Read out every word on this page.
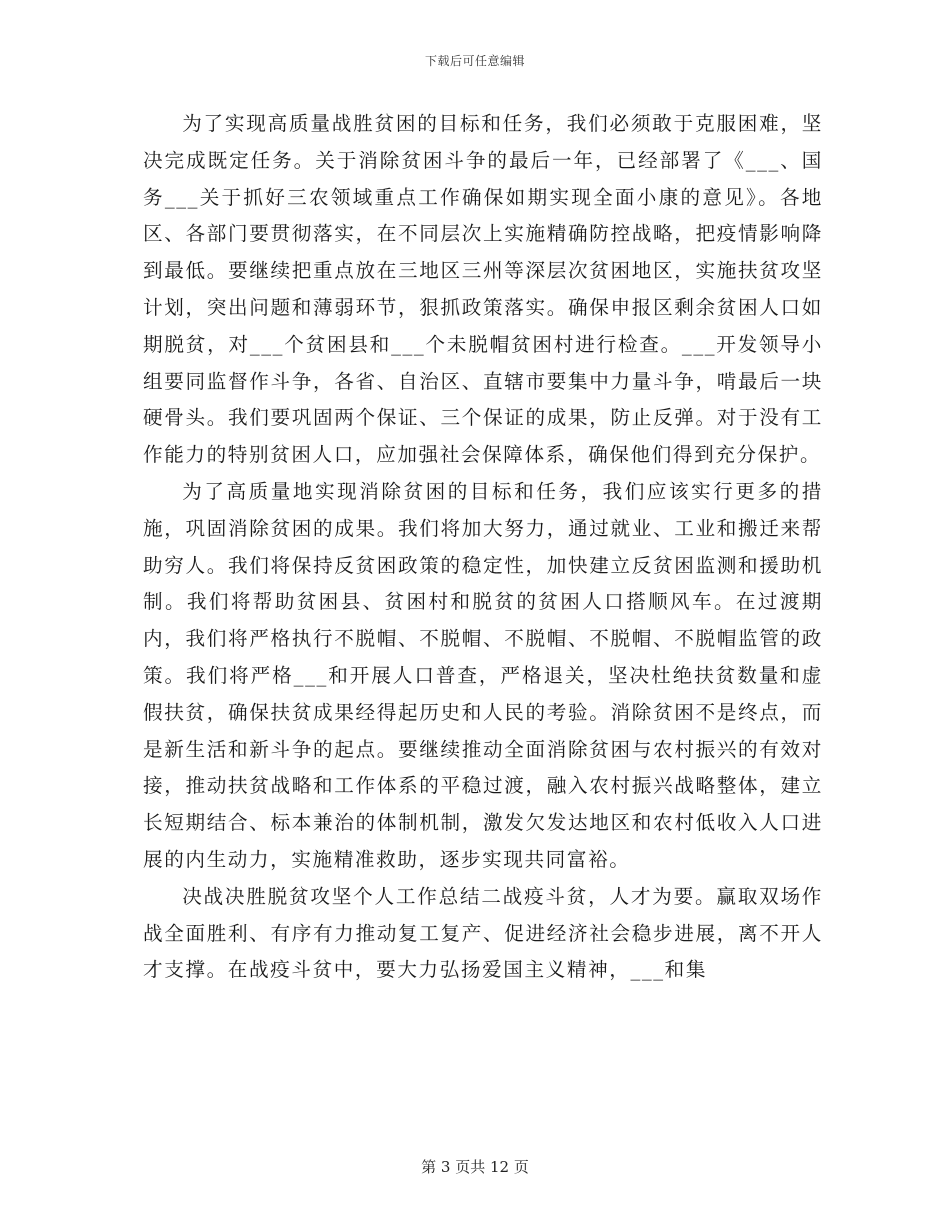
下载后可任意编辑

为了实现高质量战胜贫困的目标和任务，我们必须敢于克服困难，坚决完成既定任务。关于消除贫困斗争的最后一年，已经部署了《___、国务___关于抓好三农领域重点工作确保如期实现全面小康的意见》。各地区、各部门要贯彻落实，在不同层次上实施精确防控战略，把疫情影响降到最低。要继续把重点放在三地区三州等深层次贫困地区，实施扶贫攻坚计划，突出问题和薄弱环节，狠抓政策落实。确保申报区剩余贫困人口如期脱贫，对___个贫困县和___个未脱帽贫困村进行检查。___开发领导小组要同监督作斗争，各省、自治区、直辖市要集中力量斗争，啃最后一块硬骨头。我们要巩固两个保证、三个保证的成果，防止反弹。对于没有工作能力的特别贫困人口，应加强社会保障体系，确保他们得到充分保护。

为了高质量地实现消除贫困的目标和任务，我们应该实行更多的措施，巩固消除贫困的成果。我们将加大努力，通过就业、工业和搬迁来帮助穷人。我们将保持反贫困政策的稳定性，加快建立反贫困监测和援助机制。我们将帮助贫困县、贫困村和脱贫的贫困人口搭顺风车。在过渡期内，我们将严格执行不脱帽、不脱帽、不脱帽、不脱帽、不脱帽监管的政策。我们将严格___和开展人口普查，严格退关，坚决杜绝扶贫数量和虚假扶贫，确保扶贫成果经得起历史和人民的考验。消除贫困不是终点，而是新生活和新斗争的起点。要继续推动全面消除贫困与农村振兴的有效对接，推动扶贫战略和工作体系的平稳过渡，融入农村振兴战略整体，建立长短期结合、标本兼治的体制机制，激发欠发达地区和农村低收入人口进展的内生动力，实施精准救助，逐步实现共同富裕。

决战决胜脱贫攻坚个人工作总结二战疫斗贫，人才为要。赢取双场作战全面胜利、有序有力推动复工复产、促进经济社会稳步进展，离不开人才支撑。在战疫斗贫中，要大力弘扬爱国主义精神，___和集

第 3 页共 12 页
